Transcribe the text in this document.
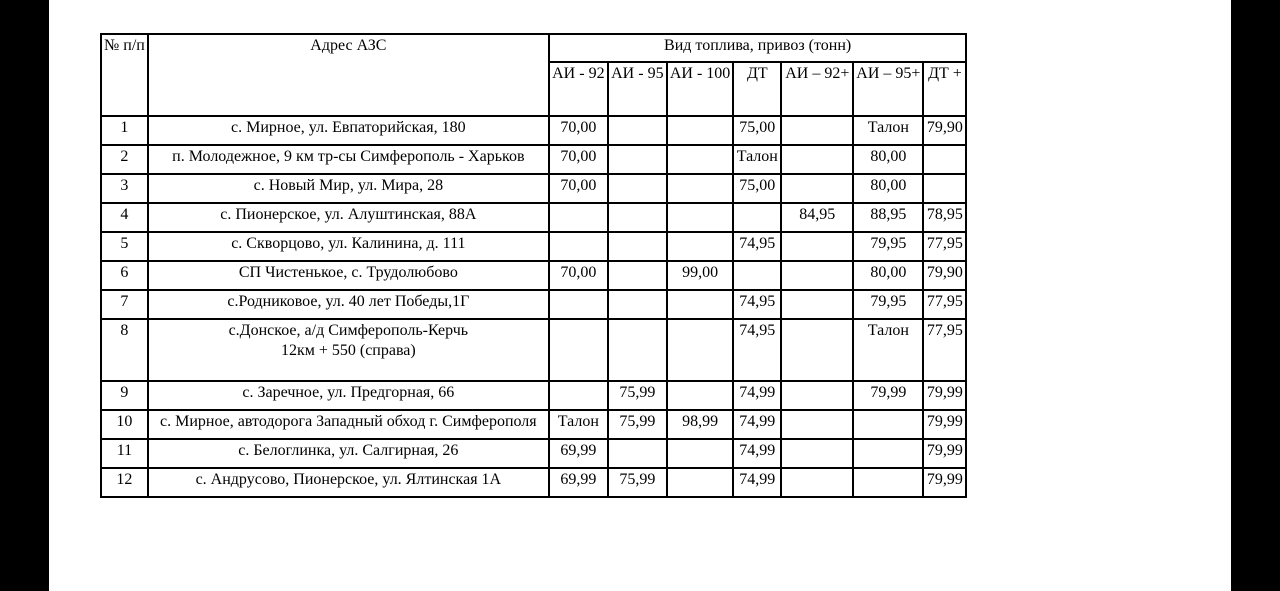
№ п/п	Адрес АЗС	Вид топлива, привоз (тонн)						
		АИ - 92	АИ - 95	АИ - 100	ДТ	АИ – 92+	АИ – 95+	ДТ +
1	с. Мирное, ул. Евпаторийская, 180	70,00			75,00		Талон	79,90
2	п. Молодежное, 9 км тр-сы Симферополь - Харьков	70,00			Талон		80,00	
3	с. Новый Мир, ул. Мира, 28	70,00			75,00		80,00	
4	с. Пионерское, ул. Алуштинская, 88А					84,95	88,95	78,95
5	с. Скворцово, ул. Калинина, д. 111				74,95		79,95	77,95
6	СП Чистенькое, с. Трудолюбово	70,00		99,00			80,00	79,90
7	с.Родниковое, ул. 40 лет Победы,1Г				74,95		79,95	77,95
8	с.Донское, а/д Симферополь-Керчь
12км + 550 (справа)				74,95		Талон	77,95
9	с. Заречное, ул. Предгорная, 66		75,99		74,99		79,99	79,99
10	с. Мирное, автодорога Западный обход г. Симферополя	Талон	75,99	98,99	74,99			79,99
11	с. Белоглинка, ул. Салгирная, 26	69,99			74,99			79,99
12	с. Андрусово, Пионерское, ул. Ялтинская 1А	69,99	75,99		74,99			79,99
